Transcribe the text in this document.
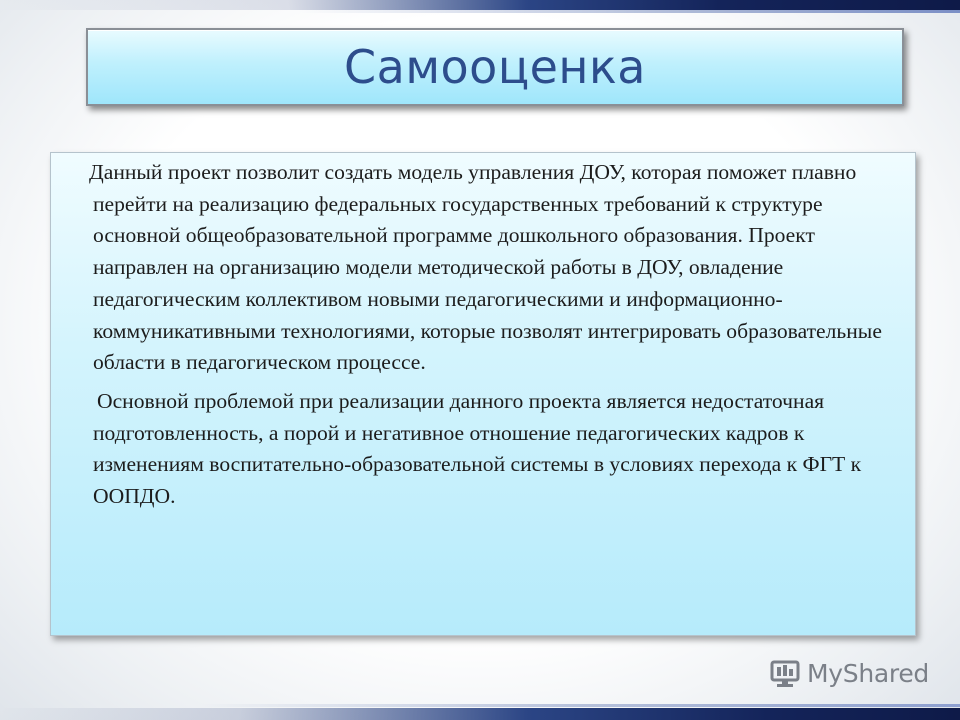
Самооценка

Данный проект позволит создать модель управления ДОУ, которая поможет плавно перейти на реализацию федеральных государственных требований к структуре основной общеобразовательной программе дошкольного образования. Проект направлен на организацию модели методической работы в ДОУ, овладение педагогическим коллективом новыми педагогическими и информационно-коммуникативными технологиями, которые позволят интегрировать образовательные области в педагогическом процессе.

Основной проблемой при реализации данного проекта является недостаточная подготовленность, а порой и негативное отношение педагогических кадров к изменениям воспитательно-образовательной системы в условиях перехода к ФГТ к ООПДО.

MyShared
